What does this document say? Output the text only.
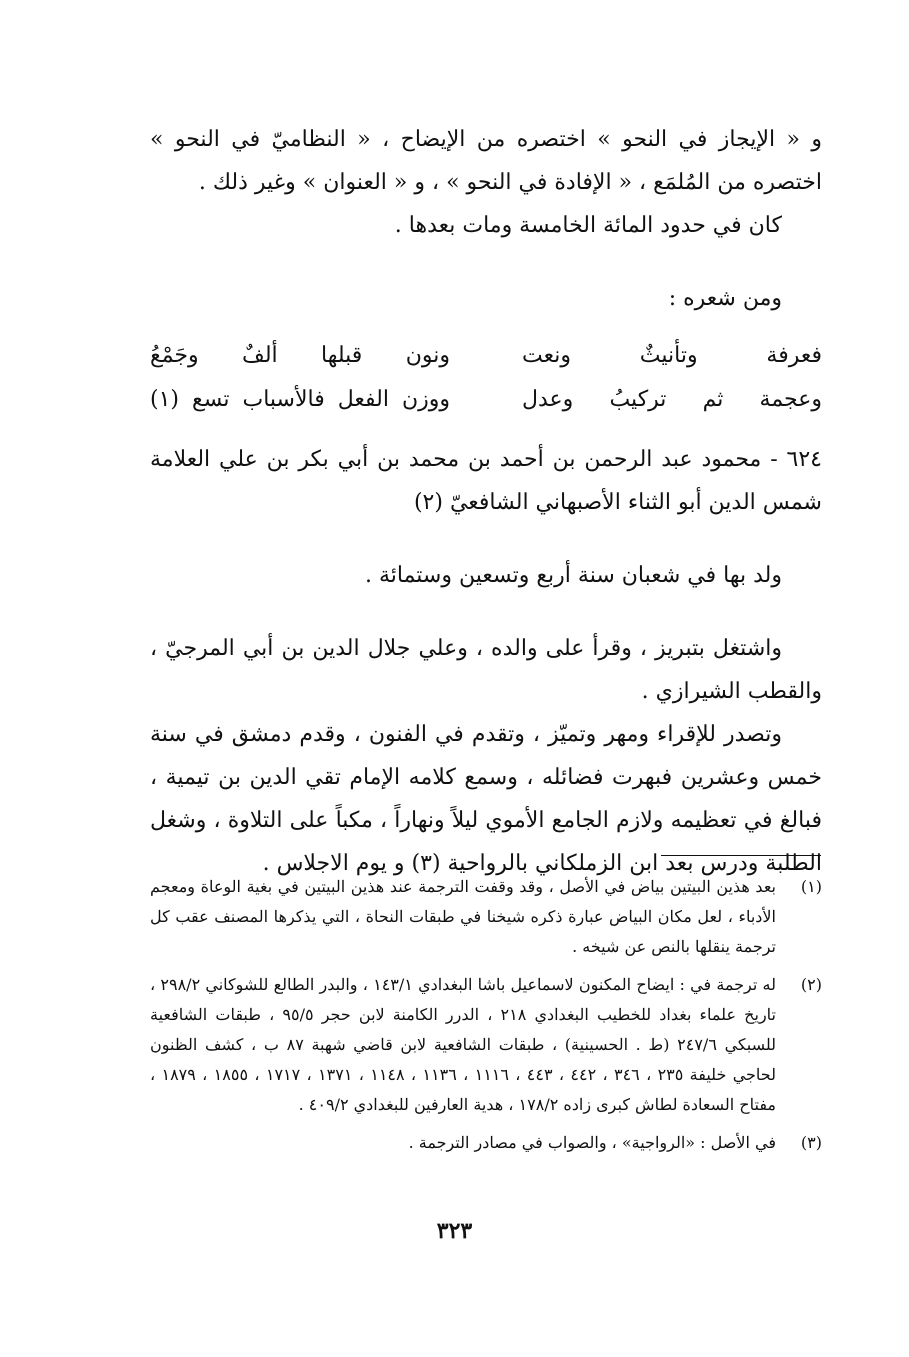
و « الإيجاز في النحو » اختصره من الإيضاح ، « النظاميّ في النحو » اختصره من المُلمَع ، « الإفادة في النحو » ، و « العنوان » وغير ذلك .

كان في حدود المائة الخامسة ومات بعدها .

ومن شعره :

فعرفة وتأنيثٌ ونعت
ونون قبلها ألفٌ وجَمْعُ
وعجمة ثم تركيبُ وعدل
ووزن الفعل فالأسباب تسع (١)

٦٢٤ - محمود عبد الرحمن بن أحمد بن محمد بن أبي بكر بن علي العلامة شمس الدين أبو الثناء الأصبهاني الشافعيّ (٢)

ولد بها في شعبان سنة أربع وتسعين وستمائة .

واشتغل بتبريز ، وقرأ على والده ، وعلي جلال الدين بن أبي المرجيّ ، والقطب الشيرازي .

وتصدر للإقراء ومهر وتميّز ، وتقدم في الفنون ، وقدم دمشق في سنة خمس وعشرين فبهرت فضائله ، وسمع كلامه الإمام تقي الدين بن تيمية ، فبالغ في تعظيمه ولازم الجامع الأموي ليلاً ونهاراً ، مكباً على التلاوة ، وشغل الطلبة ودرس بعد ابن الزملكاني بالرواحية (٣) و يوم الاجلاس .

(١)
بعد هذين البيتين بياض في الأصل ، وقد وقفت الترجمة عند هذين البيتين في بغية الوعاة ومعجم الأدباء ، لعل مكان البياض عبارة ذكره شيخنا في طبقات النحاة ، التي يذكرها المصنف عقب كل ترجمة ينقلها بالنص عن شيخه .
(٢)
له ترجمة في : ايضاح المكنون لاسماعيل باشا البغدادي ١٤٣/١ ، والبدر الطالع للشوكاني ٢٩٨/٢ ، تاريخ علماء بغداد للخطيب البغدادي ٢١٨ ، الدرر الكامنة لابن حجر ٩٥/٥ ، طبقات الشافعية للسبكي ٢٤٧/٦ (ط . الحسينية) ، طبقات الشافعية لابن قاضي شهبة ٨٧ ب ، كشف الظنون لحاجي خليفة ٢٣٥ ، ٣٤٦ ، ٤٤٢ ، ٤٤٣ ، ١١١٦ ، ١١٣٦ ، ١١٤٨ ، ١٣٧١ ، ١٧١٧ ، ١٨٥٥ ، ١٨٧٩ ، مفتاح السعادة لطاش كبرى زاده ١٧٨/٢ ، هدية العارفين للبغدادي ٤٠٩/٢ .
(٣)
في الأصل : «الرواجية» ، والصواب في مصادر الترجمة .
٣٢٣
